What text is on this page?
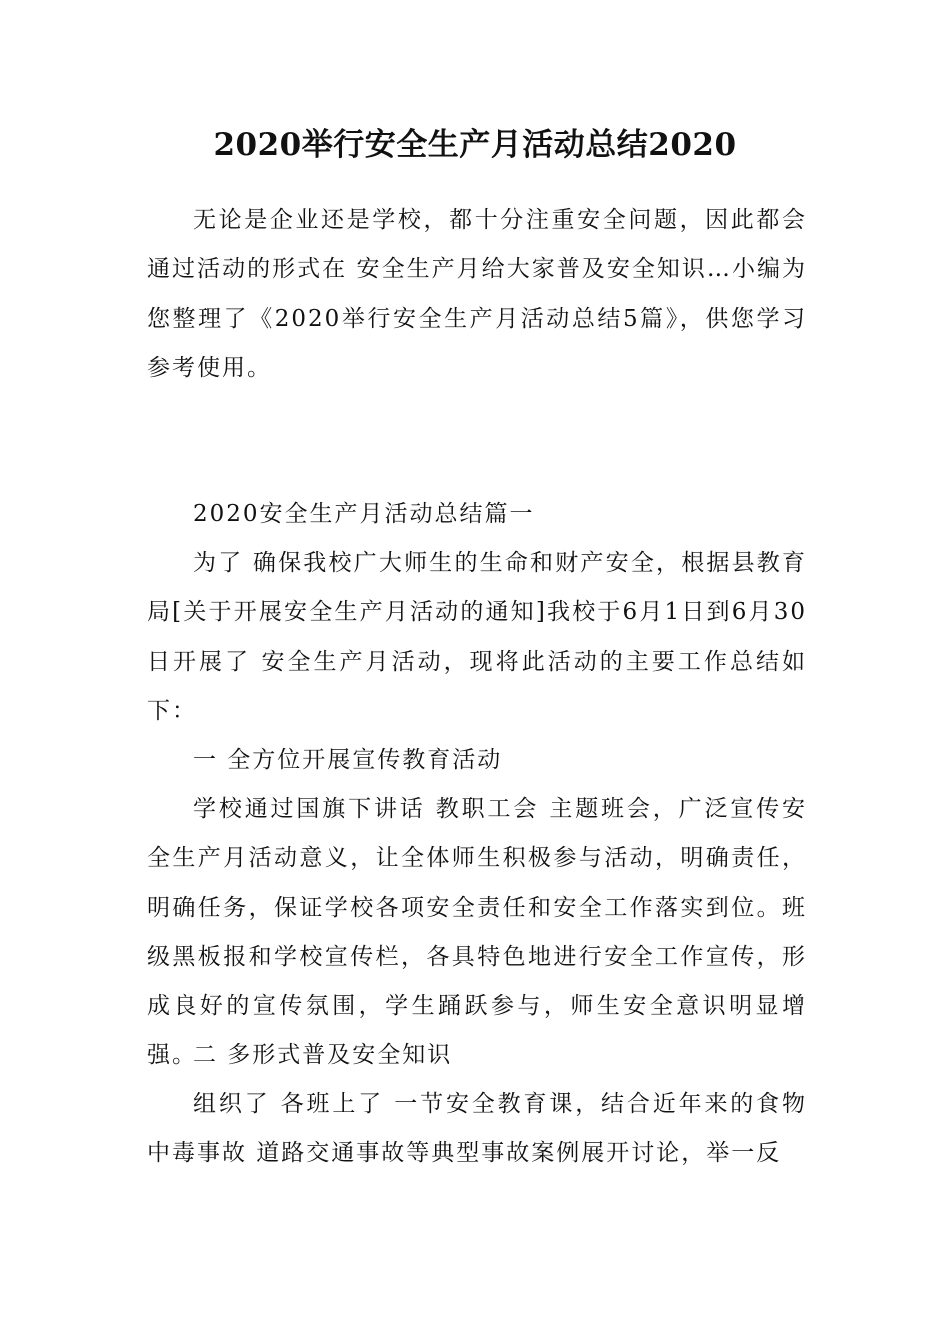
2020举行安全生产月活动总结2020

无论是企业还是学校，都十分注重安全问题，因此都会通过活动的形式在 安全生产月给大家普及安全知识…小编为您整理了《2020举行安全生产月活动总结5篇》，供您学习参考使用。

2020安全生产月活动总结篇一

为了 确保我校广大师生的生命和财产安全，根据县教育局[关于开展安全生产月活动的通知]我校于6月1日到6月30日开展了 安全生产月活动，现将此活动的主要工作总结如下：

一 全方位开展宣传教育活动

学校通过国旗下讲话 教职工会 主题班会，广泛宣传安全生产月活动意义，让全体师生积极参与活动，明确责任，明确任务，保证学校各项安全责任和安全工作落实到位。班级黑板报和学校宣传栏，各具特色地进行安全工作宣传，形成良好的宣传氛围，学生踊跃参与，师生安全意识明显增强。

二 多形式普及安全知识

组织了 各班上了 一节安全教育课，结合近年来的食物中毒事故 道路交通事故等典型事故案例展开讨论，举一反
